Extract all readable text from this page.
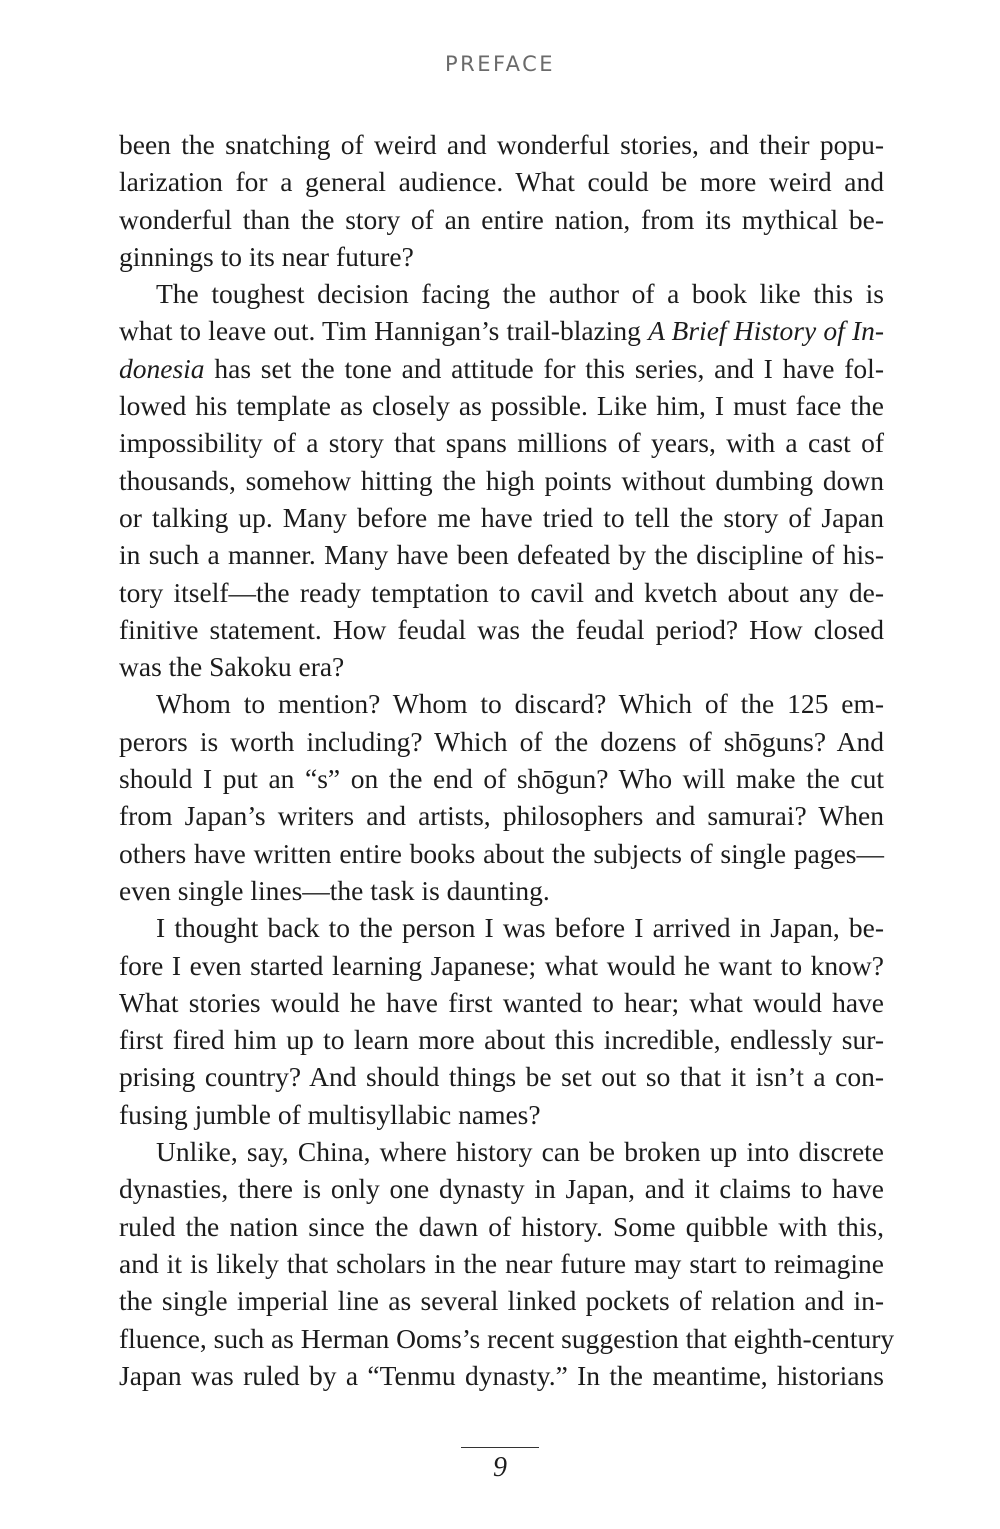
PREFACE
been the snatching of weird and wonderful stories, and their popu-
larization for a general audience. What could be more weird and
wonderful than the story of an entire nation, from its mythical be-
ginnings to its near future?
The toughest decision facing the author of a book like this is
what to leave out. Tim Hannigan’s trail-blazing A Brief History of In-
donesia has set the tone and attitude for this series, and I have fol-
lowed his template as closely as possible. Like him, I must face the
impossibility of a story that spans millions of years, with a cast of
thousands, somehow hitting the high points without dumbing down
or talking up. Many before me have tried to tell the story of Japan
in such a manner. Many have been defeated by the discipline of his-
tory itself—the ready temptation to cavil and kvetch about any de-
finitive statement. How feudal was the feudal period? How closed
was the Sakoku era?
Whom to mention? Whom to discard? Which of the 125 em-
perors is worth including? Which of the dozens of shōguns? And
should I put an “s” on the end of shōgun? Who will make the cut
from Japan’s writers and artists, philosophers and samurai? When
others have written entire books about the subjects of single pages—
even single lines—the task is daunting.
I thought back to the person I was before I arrived in Japan, be-
fore I even started learning Japanese; what would he want to know?
What stories would he have first wanted to hear; what would have
first fired him up to learn more about this incredible, endlessly sur-
prising country? And should things be set out so that it isn’t a con-
fusing jumble of multisyllabic names?
Unlike, say, China, where history can be broken up into discrete
dynasties, there is only one dynasty in Japan, and it claims to have
ruled the nation since the dawn of history. Some quibble with this,
and it is likely that scholars in the near future may start to reimagine
the single imperial line as several linked pockets of relation and in-
fluence, such as Herman Ooms’s recent suggestion that eighth-century
Japan was ruled by a “Tenmu dynasty.” In the meantime, historians
9
